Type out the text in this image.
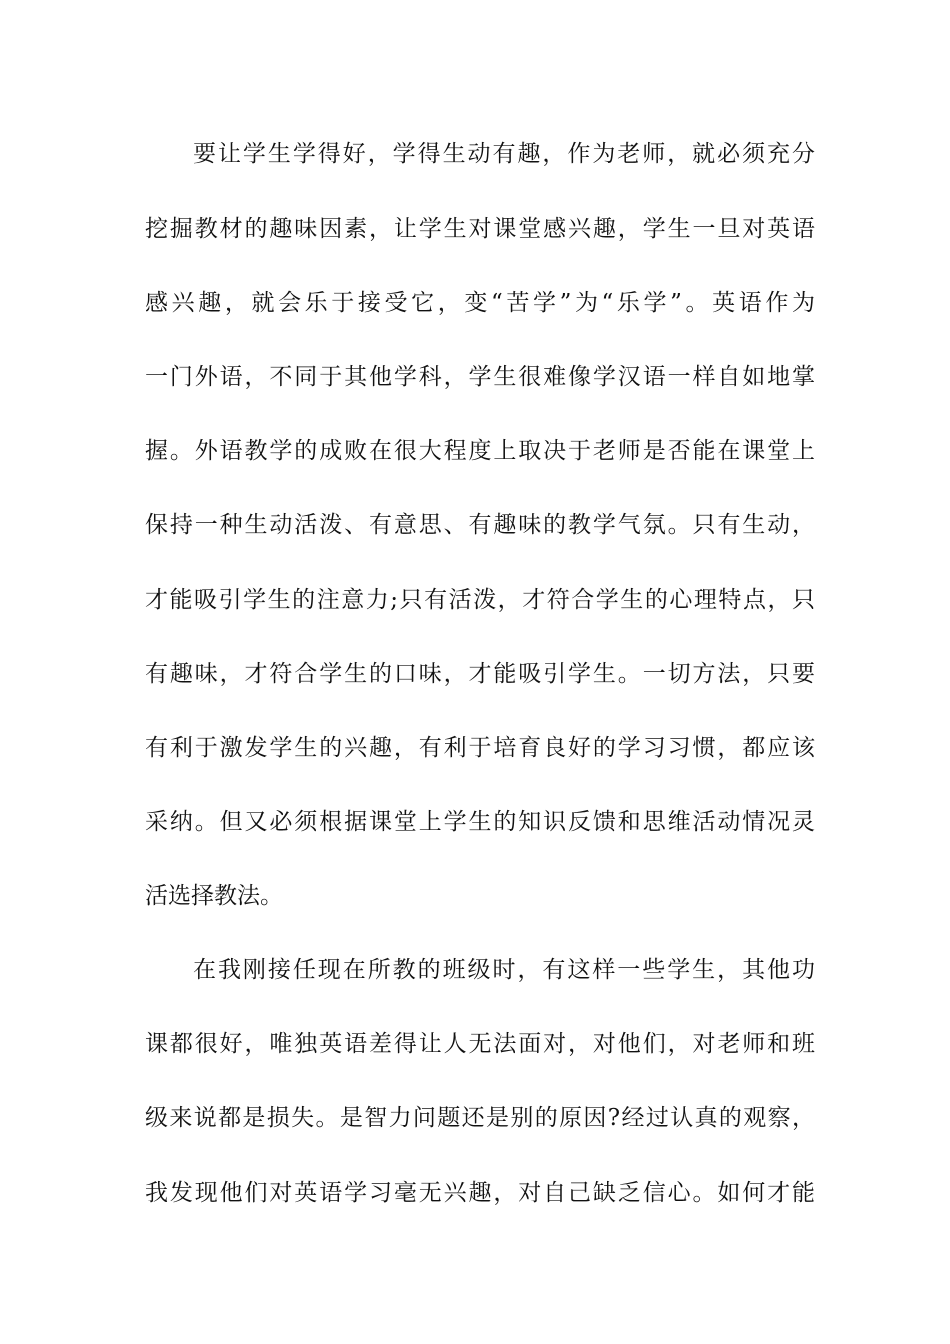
要让学生学得好，学得生动有趣，作为老师，就必须充分
挖掘教材的趣味因素，让学生对课堂感兴趣，学生一旦对英语
感兴趣，就会乐于接受它，变“苦学”为“乐学”。英语作为
一门外语，不同于其他学科，学生很难像学汉语一样自如地掌
握。外语教学的成败在很大程度上取决于老师是否能在课堂上
保持一种生动活泼、有意思、有趣味的教学气氛。只有生动，
才能吸引学生的注意力;只有活泼，才符合学生的心理特点，只
有趣味，才符合学生的口味，才能吸引学生。一切方法，只要
有利于激发学生的兴趣，有利于培育良好的学习习惯，都应该
采纳。但又必须根据课堂上学生的知识反馈和思维活动情况灵
活选择教法。
在我刚接任现在所教的班级时，有这样一些学生，其他功
课都很好，唯独英语差得让人无法面对，对他们，对老师和班
级来说都是损失。是智力问题还是别的原因?经过认真的观察，
我发现他们对英语学习毫无兴趣，对自己缺乏信心。如何才能
